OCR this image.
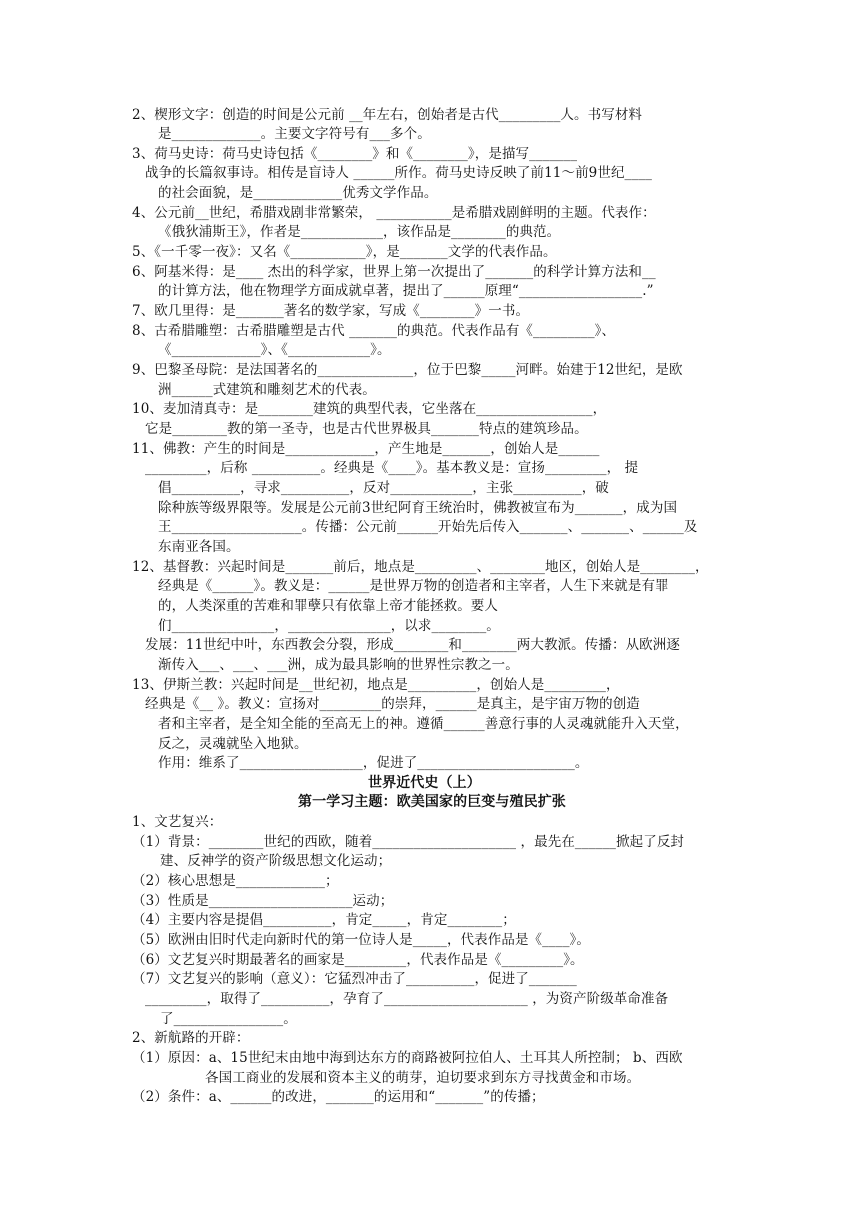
2、楔形文字：创造的时间是公元前 __年左右，创始者是古代_________人。书写材料
是_____________。主要文字符号有___多个。
3、荷马史诗：荷马史诗包括《________》和《________》，是描写_______
战争的长篇叙事诗。相传是盲诗人 ______所作。荷马史诗反映了前11～前9世纪____
的社会面貌，是_____________优秀文学作品。
4、公元前__世纪，希腊戏剧非常繁荣， ___________是希腊戏剧鲜明的主题。代表作：
《俄狄浦斯王》，作者是____________，该作品是________的典范。
5、《一千零一夜》：又名《___________》，是_______文学的代表作品。
6、阿基米得：是____ 杰出的科学家，世界上第一次提出了_______的科学计算方法和__
的计算方法，他在物理学方面成就卓著，提出了______原理“__________________.”
7、欧几里得：是_______著名的数学家，写成《________》一书。
8、古希腊雕塑：古希腊雕塑是古代 _______的典范。代表作品有《_________》、
《_____________》、《____________》。
9、巴黎圣母院：是法国著名的______________，位于巴黎_____河畔。始建于12世纪，是欧
洲______式建筑和雕刻艺术的代表。
10、麦加清真寺：是________建筑的典型代表，它坐落在_________________，
它是________教的第一圣寺，也是古代世界极具_______特点的建筑珍品。
11、佛教：产生的时间是_____________，产生地是_______，创始人是______
_________，后称 __________。经典是《____》。基本教义是：宣扬_________， 提
倡__________，寻求__________，反对____________，主张__________，破
除种族等级界限等。发展是公元前3世纪阿育王统治时，佛教被宣布为_______，成为国
王___________________。传播：公元前______开始先后传入_______、_______、______及
东南亚各国。
12、基督教：兴起时间是_______前后，地点是_________、________地区，创始人是________，
经典是《______》。教义是：______是世界万物的创造者和主宰者，人生下来就是有罪
的，人类深重的苦难和罪孽只有依靠上帝才能拯救。要人
们_______________，_______________，以求________。
发展：11世纪中叶，东西教会分裂，形成________和________两大教派。传播：从欧洲逐
渐传入___、___、___洲，成为最具影响的世界性宗教之一。
13、伊斯兰教：兴起时间是__世纪初，地点是__________，创始人是_________，
经典是《__ 》。教义：宣扬对_________的崇拜，______是真主，是宇宙万物的创造
者和主宰者，是全知全能的至高无上的神。遵循______善意行事的人灵魂就能升入天堂，
反之，灵魂就坠入地狱。
作用：维系了__________________，促进了_______________________。
世界近代史（上）
第一学习主题：欧美国家的巨变与殖民扩张
1、文艺复兴：
（1）背景：________世纪的西欧，随着_____________________ ，最先在______掀起了反封
建、反神学的资产阶级思想文化运动；
（2）核心思想是_____________；
（3）性质是_____________________运动；
（4）主要内容是提倡__________，肯定_____，肯定________；
（5）欧洲由旧时代走向新时代的第一位诗人是_____，代表作品是《____》。
（6）文艺复兴时期最著名的画家是_________，代表作品是《_________》。
（7）文艺复兴的影响（意义）：它猛烈冲击了__________，促进了_______
_________，取得了__________，孕育了_____________________ ，为资产阶级革命准备
了________________。
2、新航路的开辟：
（1）原因：a、15世纪末由地中海到达东方的商路被阿拉伯人、土耳其人所控制； b、西欧
各国工商业的发展和资本主义的萌芽，迫切要求到东方寻找黄金和市场。
（2）条件：a、______的改进，_______的运用和“_______”的传播；
